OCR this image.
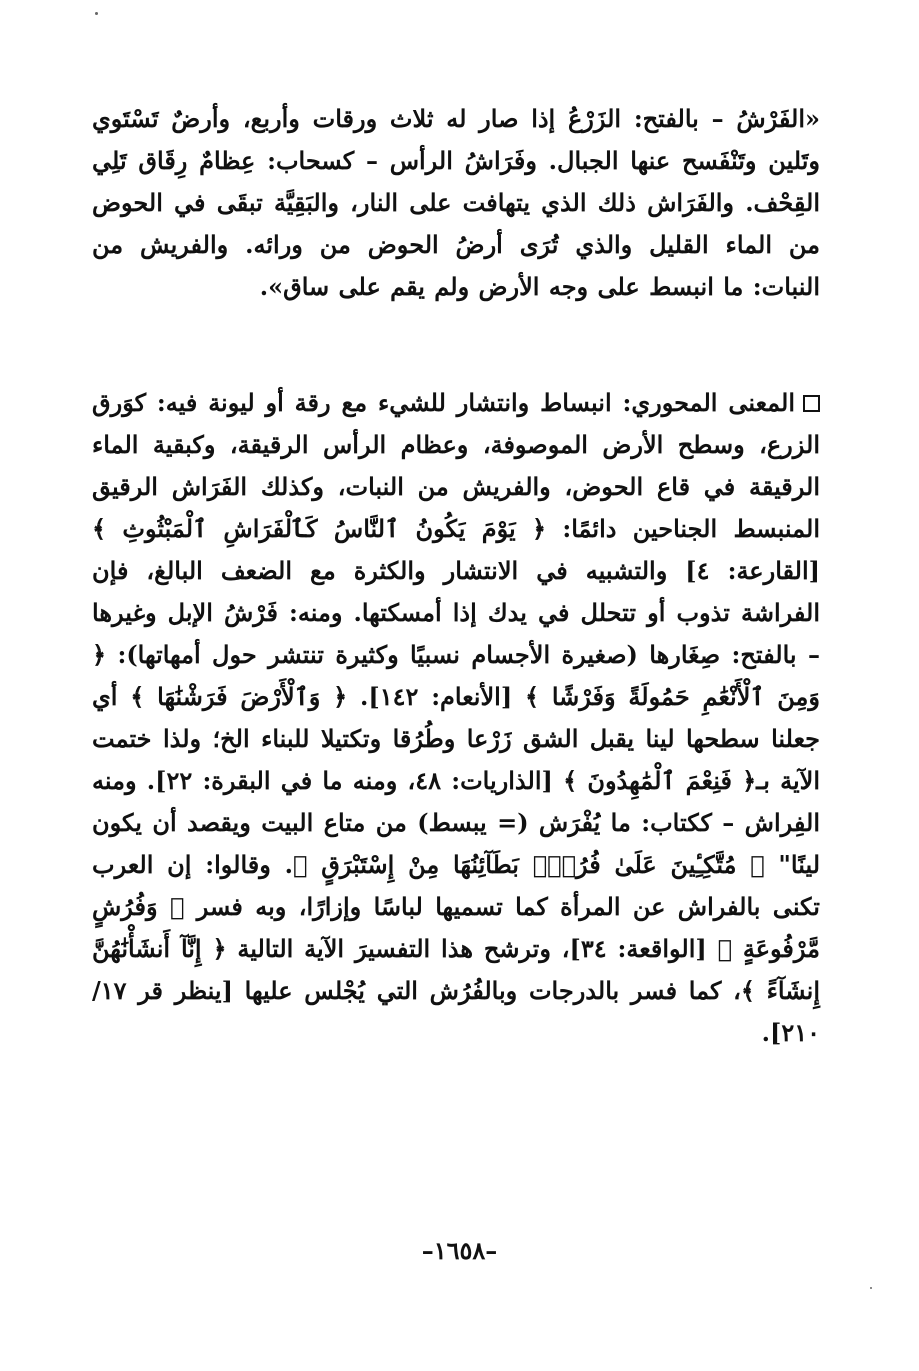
«الفَرْشُ – بالفتح: الزَرْعُ إذا صار له ثلاث ورقات وأربع، وأرضٌ تَسْتَوي وتَلين وتَنْفَسح عنها الجبال. وفَرَاشُ الرأس – كسحاب: عِظامٌ رِقَاق تَلِي القِحْف. والفَرَاش ذلك الذي يتهافت على النار، والبَقِيَّة تبقَى في الحوض من الماء القليل والذي تُرَى أرضُ الحوض من ورائه. والفريش من النبات: ما انبسط على وجه الأرض ولم يقم على ساق».

المعنى المحوري: انبساط وانتشار للشيء مع رقة أو ليونة فيه: كوَرق الزرع، وسطح الأرض الموصوفة، وعظام الرأس الرقيقة، وكبقية الماء الرقيقة في قاع الحوض، والفريش من النبات، وكذلك الفَرَاش الرقيق المنبسط الجناحين دائمًا: ﴿ يَوْمَ يَكُونُ ٱلنَّاسُ كَٱلْفَرَاشِ ٱلْمَبْثُوثِ ﴾ [القارعة: ٤] والتشبيه في الانتشار والكثرة مع الضعف البالغ، فإن الفراشة تذوب أو تتحلل في يدك إذا أمسكتها. ومنه: فَرْشُ الإبل وغيرها – بالفتح: صِغَارها (صغيرة الأجسام نسبيًا وكثيرة تنتشر حول أمهاتها): ﴿ وَمِنَ ٱلْأَنْعَٰمِ حَمُولَةً وَفَرْشًا ﴾ [الأنعام: ١٤٢]. ﴿ وَٱلْأَرْضَ فَرَشْنَٰهَا ﴾ أي جعلنا سطحها لينا يقبل الشق زَرْعا وطُرُقا وتكتيلا للبناء الخ؛ ولذا ختمت الآية بـ﴿ فَنِعْمَ ٱلْمَٰهِدُونَ ﴾ [الذاريات: ٤٨، ومنه ما في البقرة: ٢٢]. ومنه الفِراش – ككتاب: ما يُفْرَش (= يبسط) من متاع البيت ويقصد أن يكون لينًا" ﴿ مُتَّكِـِٔينَ عَلَىٰ فُرُشٍۭ بَطَآئِنُهَا مِنْ إِسْتَبْرَقٍ ﴾. وقالوا: إن العرب تكنى بالفراش عن المرأة كما تسميها لباسًا وإزارًا، وبه فسر ﴿ وَفُرُشٍ مَّرْفُوعَةٍ ﴾ [الواقعة: ٣٤]، وترشح هذا التفسيرَ الآية التالية ﴿ إِنَّآ أَنشَأْنَٰهُنَّ إِنشَآءً ﴾، كما فسر بالدرجات وبالفُرُش التي يُجْلس عليها [ينظر قر ١٧/ ٢١٠].

–١٦٥٨–
